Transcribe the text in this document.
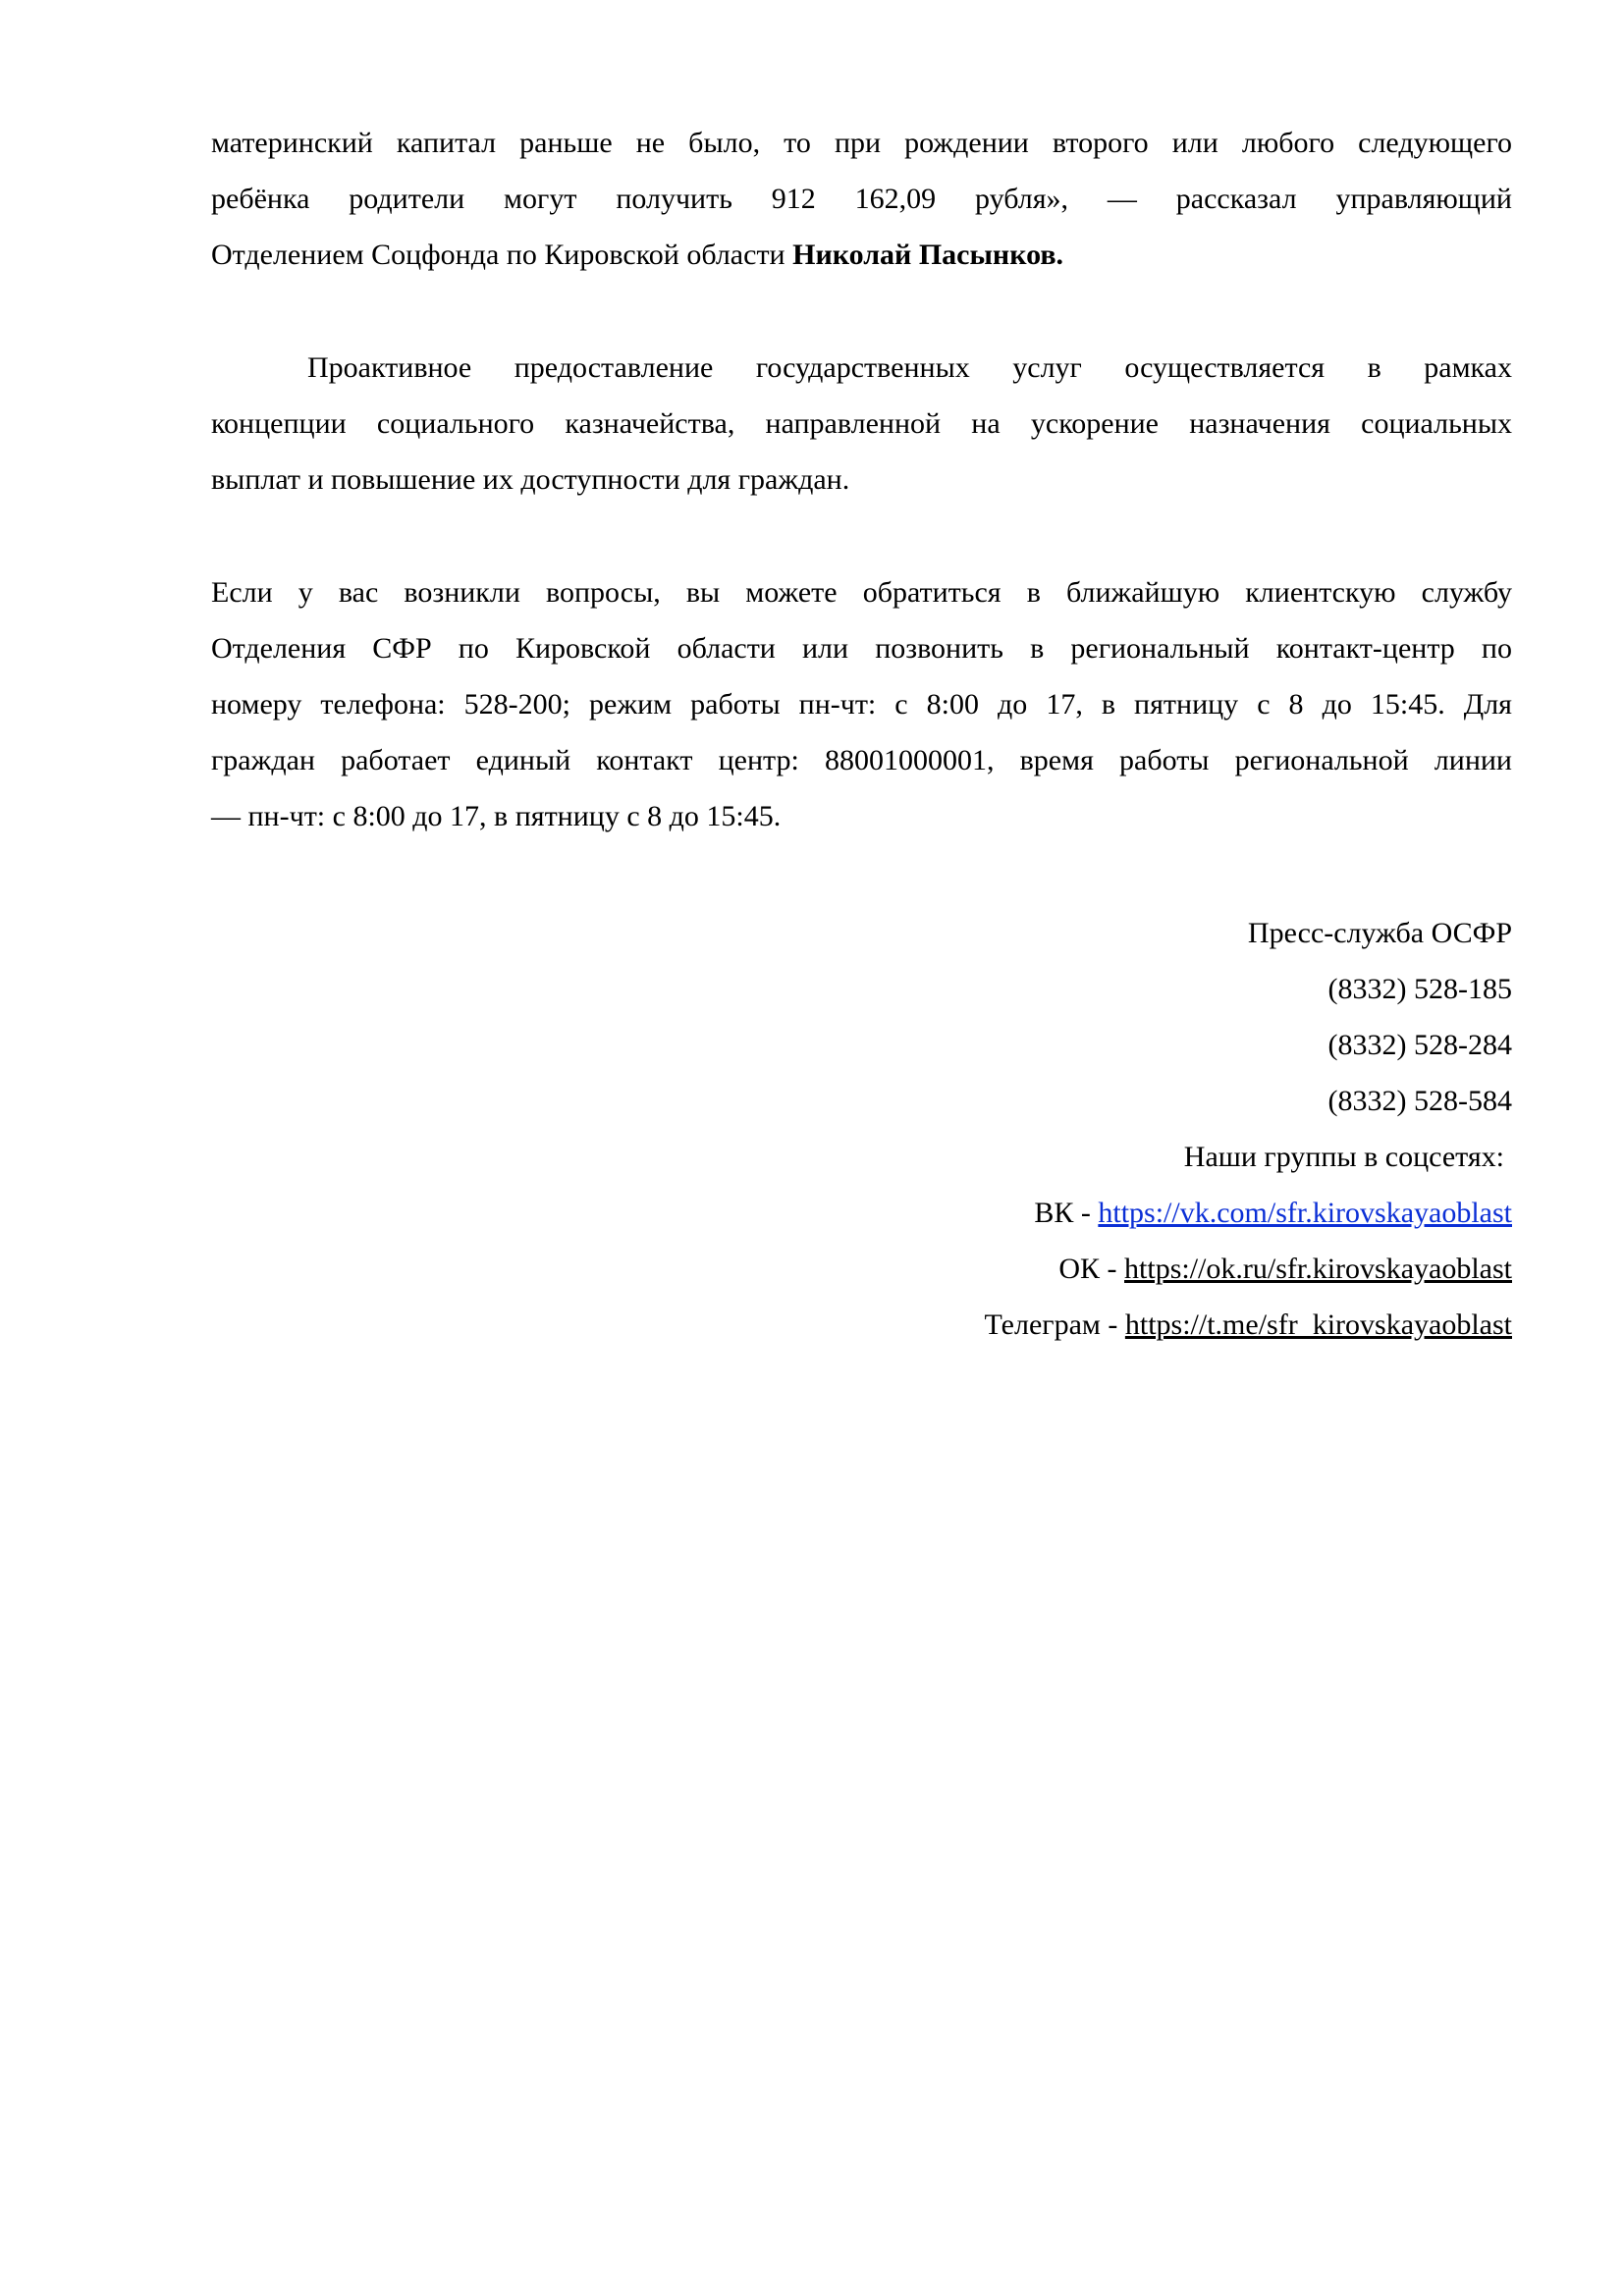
материнский капитал раньше не было, то при рождении второго или любого следующего
ребёнка родители могут получить 912 162,09 рубля», — рассказал управляющий
Отделением Соцфонда по Кировской области Николай Пасынков.

Проактивное предоставление государственных услуг осуществляется в рамках
концепции социального казначейства, направленной на ускорение назначения социальных
выплат и повышение их доступности для граждан.

Если у вас возникли вопросы, вы можете обратиться в ближайшую клиентскую службу
Отделения СФР по Кировской области или позвонить в региональный контакт-центр по
номеру телефона: 528-200; режим работы пн-чт: с 8:00 до 17, в пятницу с 8 до 15:45. Для
граждан работает единый контакт центр: 88001000001, время работы региональной линии
— пн-чт: с 8:00 до 17, в пятницу с 8 до 15:45.

Пресс-служба ОСФР
(8332) 528-185
(8332) 528-284
(8332) 528-584
Наши группы в соцсетях:
ВК - https://vk.com/sfr.kirovskayaoblast
ОК - https://ok.ru/sfr.kirovskayaoblast
Телеграм - https://t.me/sfr_kirovskayaoblast
